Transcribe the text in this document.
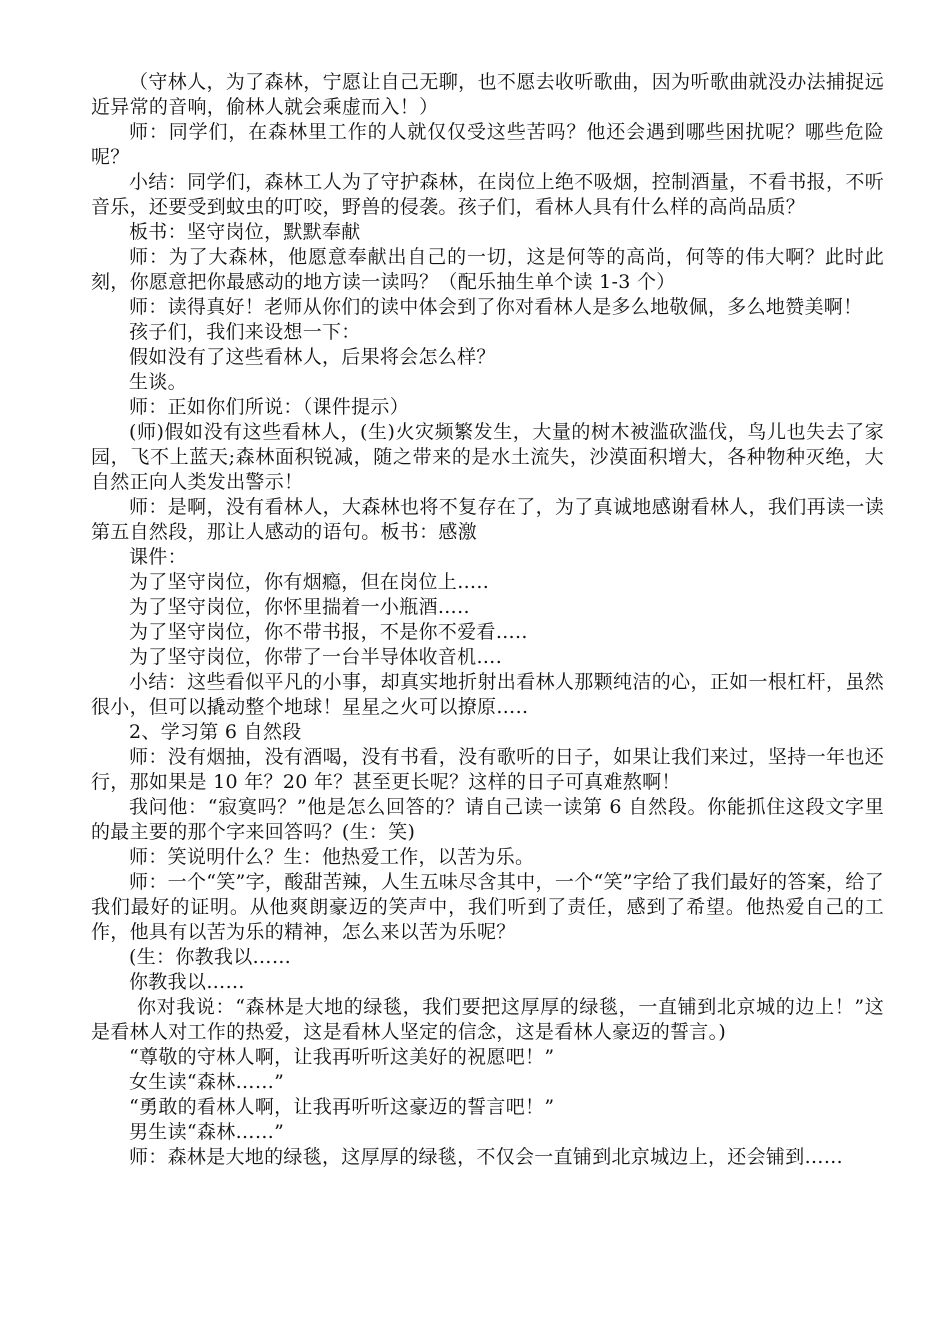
（守林人，为了森林，宁愿让自己无聊，也不愿去收听歌曲，因为听歌曲就没办法捕捉远近异常的音响，偷林人就会乘虚而入！）

师：同学们，在森林里工作的人就仅仅受这些苦吗？他还会遇到哪些困扰呢？哪些危险呢？

小结：同学们，森林工人为了守护森林，在岗位上绝不吸烟，控制酒量，不看书报，不听音乐，还要受到蚊虫的叮咬，野兽的侵袭。孩子们，看林人具有什么样的高尚品质？

板书：坚守岗位，默默奉献

师：为了大森林，他愿意奉献出自己的一切，这是何等的高尚，何等的伟大啊？此时此刻，你愿意把你最感动的地方读一读吗？（配乐抽生单个读 1-3 个）

师：读得真好！老师从你们的读中体会到了你对看林人是多么地敬佩，多么地赞美啊！

孩子们，我们来设想一下：

假如没有了这些看林人，后果将会怎么样？

生谈。

师：正如你们所说：（课件提示）

(师)假如没有这些看林人，(生)火灾频繁发生，大量的树木被滥砍滥伐，鸟儿也失去了家园，飞不上蓝天;森林面积锐减，随之带来的是水土流失，沙漠面积增大，各种物种灭绝，大自然正向人类发出警示！

师：是啊，没有看林人，大森林也将不复存在了，为了真诚地感谢看林人，我们再读一读第五自然段，那让人感动的语句。板书：感激

课件：

为了坚守岗位，你有烟瘾，但在岗位上…..

为了坚守岗位，你怀里揣着一小瓶酒…..

为了坚守岗位，你不带书报，不是你不爱看…..

为了坚守岗位，你带了一台半导体收音机….

小结：这些看似平凡的小事，却真实地折射出看林人那颗纯洁的心，正如一根杠杆，虽然很小，但可以撬动整个地球！星星之火可以撩原…..

2、学习第 6 自然段

师：没有烟抽，没有酒喝，没有书看，没有歌听的日子，如果让我们来过，坚持一年也还行，那如果是 10 年？20 年？甚至更长呢？这样的日子可真难熬啊！

我问他：“寂寞吗？”他是怎么回答的？请自己读一读第 6 自然段。你能抓住这段文字里的最主要的那个字来回答吗？(生：笑)

师：笑说明什么？生：他热爱工作，以苦为乐。

师：一个“笑”字，酸甜苦辣，人生五味尽含其中，一个“笑”字给了我们最好的答案，给了我们最好的证明。从他爽朗豪迈的笑声中，我们听到了责任，感到了希望。他热爱自己的工作，他具有以苦为乐的精神，怎么来以苦为乐呢？

(生：你教我以……

你教我以……

你对我说：“森林是大地的绿毯，我们要把这厚厚的绿毯，一直铺到北京城的边上！”这是看林人对工作的热爱，这是看林人坚定的信念，这是看林人豪迈的誓言。)

“尊敬的守林人啊，让我再听听这美好的祝愿吧！”

女生读“森林……”

“勇敢的看林人啊，让我再听听这豪迈的誓言吧！”

男生读“森林……”

师：森林是大地的绿毯，这厚厚的绿毯，不仅会一直铺到北京城边上，还会铺到……
